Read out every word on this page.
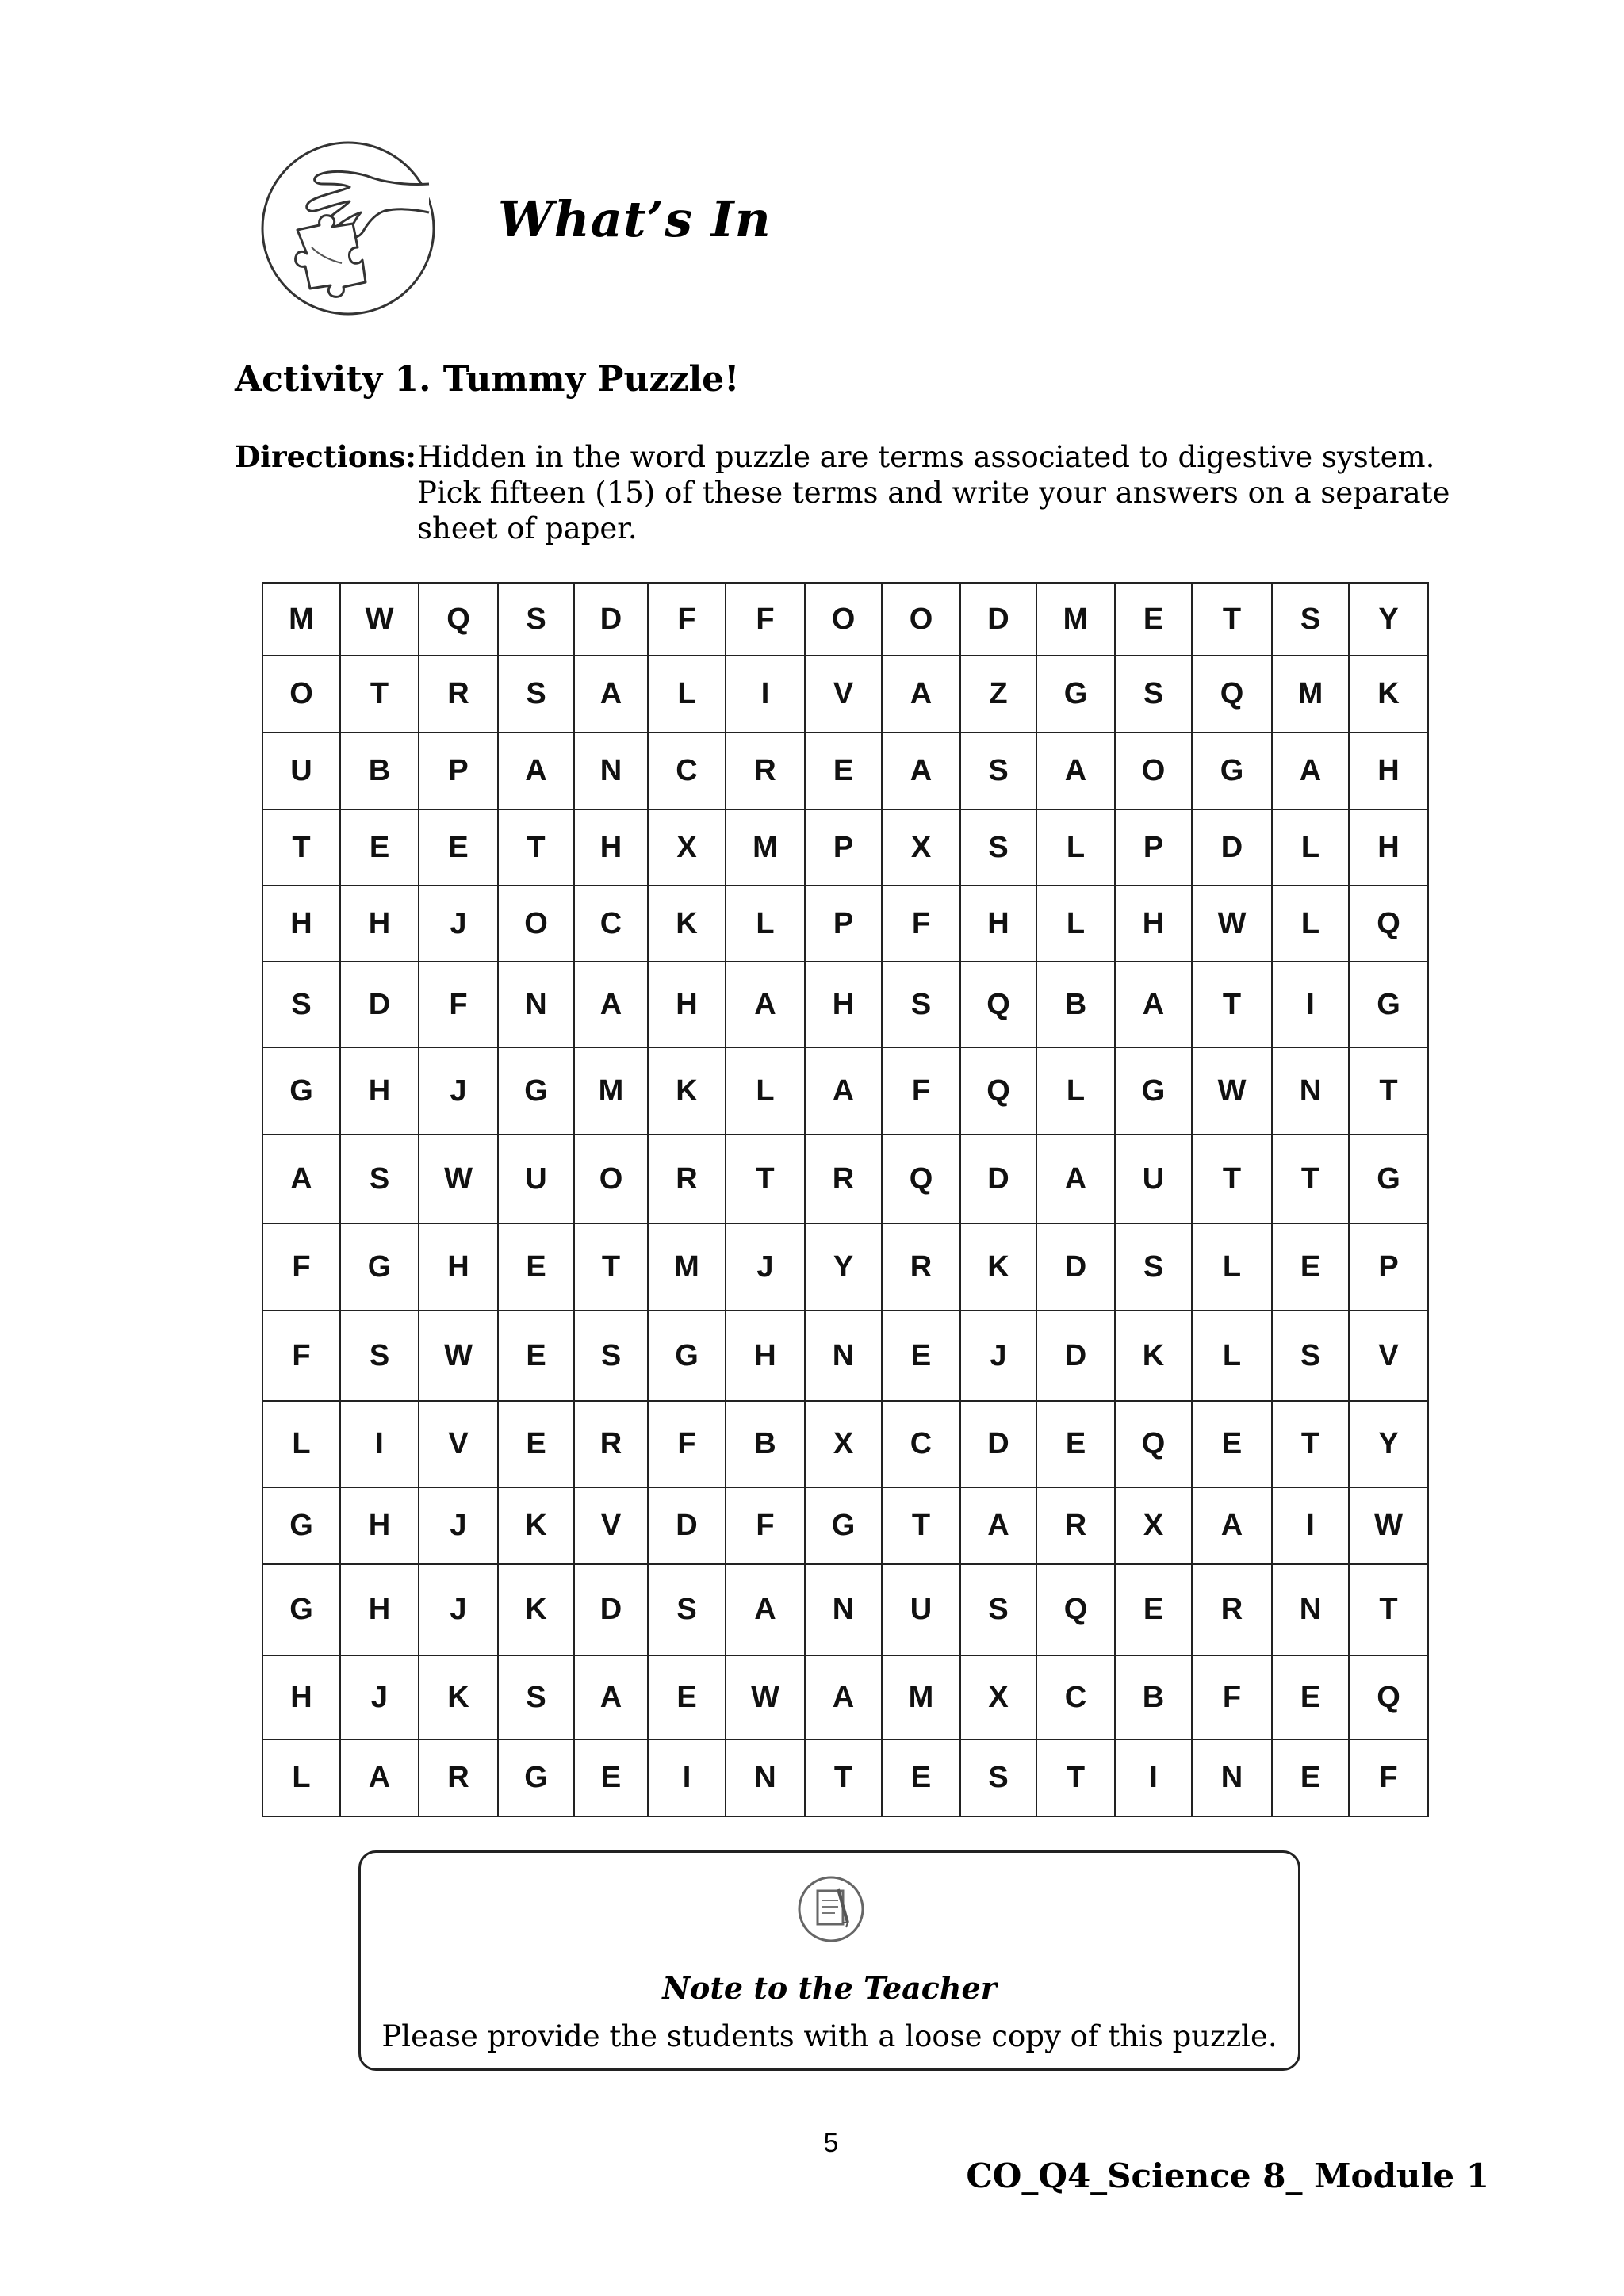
What’s In
Activity 1. Tummy Puzzle!
Directions: Hidden in the word puzzle are terms associated to digestive system.
Pick fifteen (15) of these terms and write your answers on a separate
sheet of paper.
M	W	Q	S	D	F	F	O	O	D	M	E	T	S	Y
O	T	R	S	A	L	I	V	A	Z	G	S	Q	M	K
U	B	P	A	N	C	R	E	A	S	A	O	G	A	H
T	E	E	T	H	X	M	P	X	S	L	P	D	L	H
H	H	J	O	C	K	L	P	F	H	L	H	W	L	Q
S	D	F	N	A	H	A	H	S	Q	B	A	T	I	G
G	H	J	G	M	K	L	A	F	Q	L	G	W	N	T
A	S	W	U	O	R	T	R	Q	D	A	U	T	T	G
F	G	H	E	T	M	J	Y	R	K	D	S	L	E	P
F	S	W	E	S	G	H	N	E	J	D	K	L	S	V
L	I	V	E	R	F	B	X	C	D	E	Q	E	T	Y
G	H	J	K	V	D	F	G	T	A	R	X	A	I	W
G	H	J	K	D	S	A	N	U	S	Q	E	R	N	T
H	J	K	S	A	E	W	A	M	X	C	B	F	E	Q
L	A	R	G	E	I	N	T	E	S	T	I	N	E	F
Note to the Teacher
Please provide the students with a loose copy of this puzzle.
5
CO_Q4_Science 8_ Module 1
